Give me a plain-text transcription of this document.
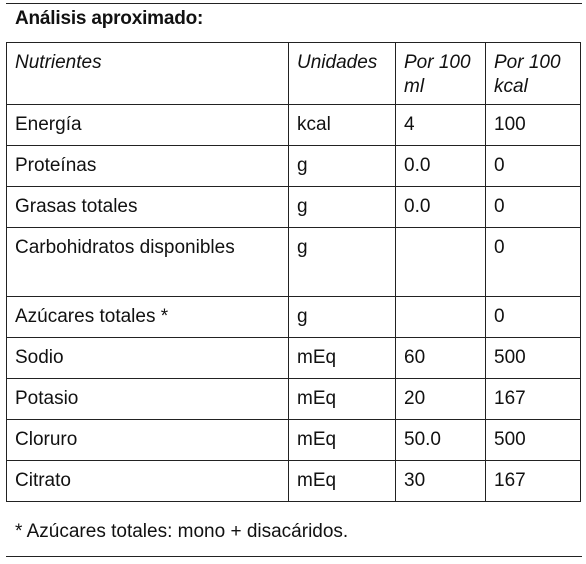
Análisis aproximado:
Nutrientes	Unidades	Por 100 ml	Por 100 kcal
Energía	kcal	4	100
Proteínas	g	0.0	0
Grasas totales	g	0.0	0
Carbohidratos disponibles	g		0
Azúcares totales *	g		0
Sodio	mEq	60	500
Potasio	mEq	20	167
Cloruro	mEq	50.0	500
Citrato	mEq	30	167
* Azúcares totales: mono + disacáridos.
